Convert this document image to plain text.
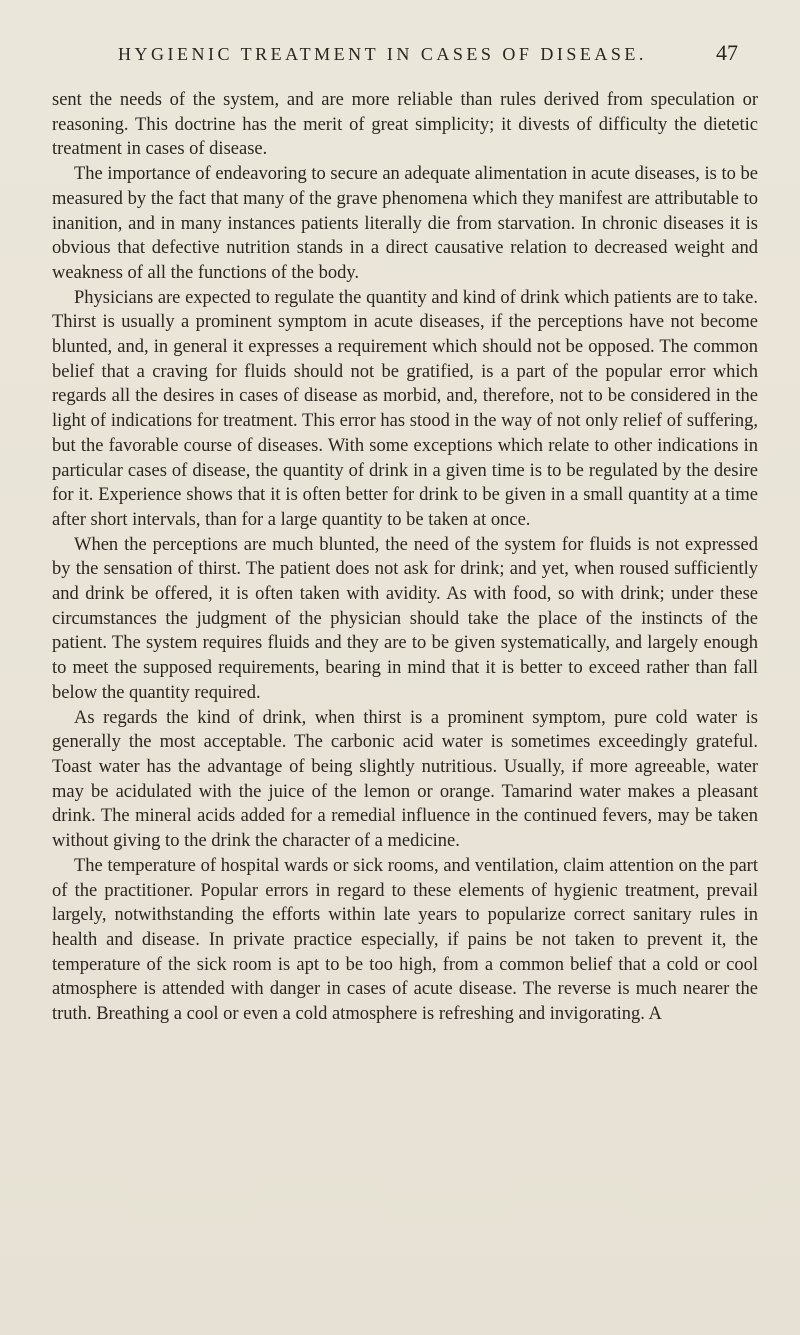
HYGIENIC TREATMENT IN CASES OF DISEASE.	47

sent the needs of the system, and are more reliable than rules derived from speculation or reasoning. This doctrine has the merit of great simplicity; it divests of difficulty the dietetic treatment in cases of disease.

The importance of endeavoring to secure an adequate alimentation in acute diseases, is to be measured by the fact that many of the grave phenomena which they manifest are attributable to inanition, and in many instances patients literally die from starvation. In chronic diseases it is obvious that defective nutrition stands in a direct causative relation to decreased weight and weakness of all the functions of the body.

Physicians are expected to regulate the quantity and kind of drink which patients are to take. Thirst is usually a prominent symptom in acute diseases, if the perceptions have not become blunted, and, in general it expresses a requirement which should not be opposed. The common belief that a craving for fluids should not be gratified, is a part of the popular error which regards all the desires in cases of disease as morbid, and, therefore, not to be considered in the light of indications for treatment. This error has stood in the way of not only relief of suffering, but the favorable course of diseases. With some exceptions which relate to other indications in particular cases of disease, the quantity of drink in a given time is to be regulated by the desire for it. Experience shows that it is often better for drink to be given in a small quantity at a time after short intervals, than for a large quantity to be taken at once.

When the perceptions are much blunted, the need of the system for fluids is not expressed by the sensation of thirst. The patient does not ask for drink; and yet, when roused sufficiently and drink be offered, it is often taken with avidity. As with food, so with drink; under these circumstances the judgment of the physician should take the place of the instincts of the patient. The system requires fluids and they are to be given systematically, and largely enough to meet the supposed requirements, bearing in mind that it is better to exceed rather than fall below the quantity required.

As regards the kind of drink, when thirst is a prominent symptom, pure cold water is generally the most acceptable. The carbonic acid water is sometimes exceedingly grateful. Toast water has the advantage of being slightly nutritious. Usually, if more agreeable, water may be acidulated with the juice of the lemon or orange. Tamarind water makes a pleasant drink. The mineral acids added for a remedial influence in the continued fevers, may be taken without giving to the drink the character of a medicine.

The temperature of hospital wards or sick rooms, and ventilation, claim attention on the part of the practitioner. Popular errors in regard to these elements of hygienic treatment, prevail largely, notwithstanding the efforts within late years to popularize correct sanitary rules in health and disease. In private practice especially, if pains be not taken to prevent it, the temperature of the sick room is apt to be too high, from a common belief that a cold or cool atmosphere is attended with danger in cases of acute disease. The reverse is much nearer the truth. Breathing a cool or even a cold atmosphere is refreshing and invigorating. A
